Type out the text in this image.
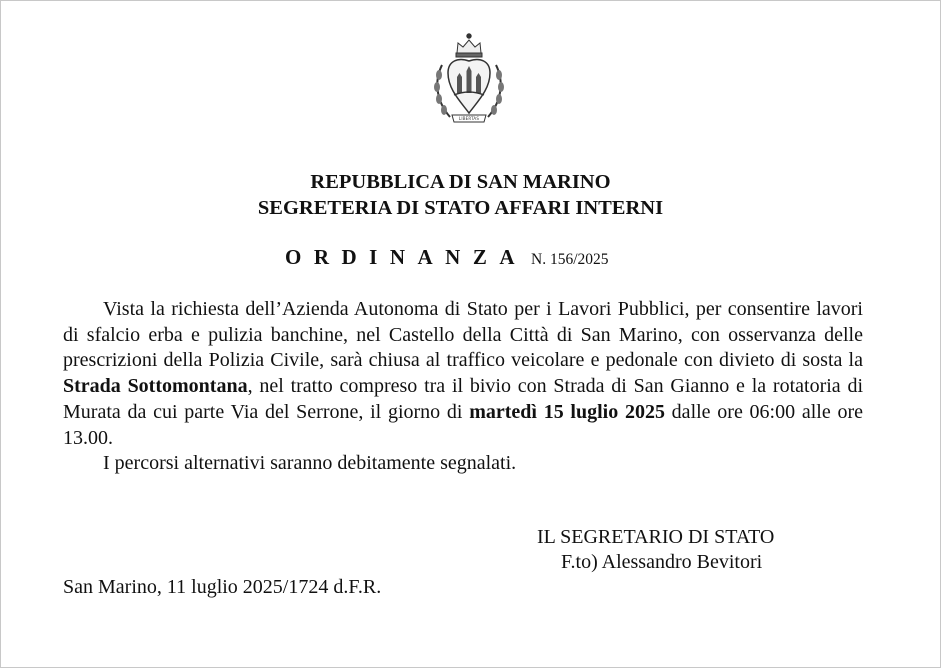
LIBERTAS
REPUBBLICA DI SAN MARINO
SEGRETERIA DI STATO AFFARI INTERNI
ORDINANZA N. 156/2025

Vista la richiesta dell’Azienda Autonoma di Stato per i Lavori Pubblici, per consentire lavori di sfalcio erba e pulizia banchine, nel Castello della Città di San Marino, con osservanza delle prescrizioni della Polizia Civile, sarà chiusa al traffico veicolare e pedonale con divieto di sosta la Strada Sottomontana, nel tratto compreso tra il bivio con Strada di San Gianno e la rotatoria di Murata da cui parte Via del Serrone, il giorno di martedì 15 luglio 2025 dalle ore 06:00 alle ore 13.00.

I percorsi alternativi saranno debitamente segnalati.

IL SEGRETARIO DI STATO
F.to) Alessandro Bevitori
San Marino, 11 luglio 2025/1724 d.F.R.
